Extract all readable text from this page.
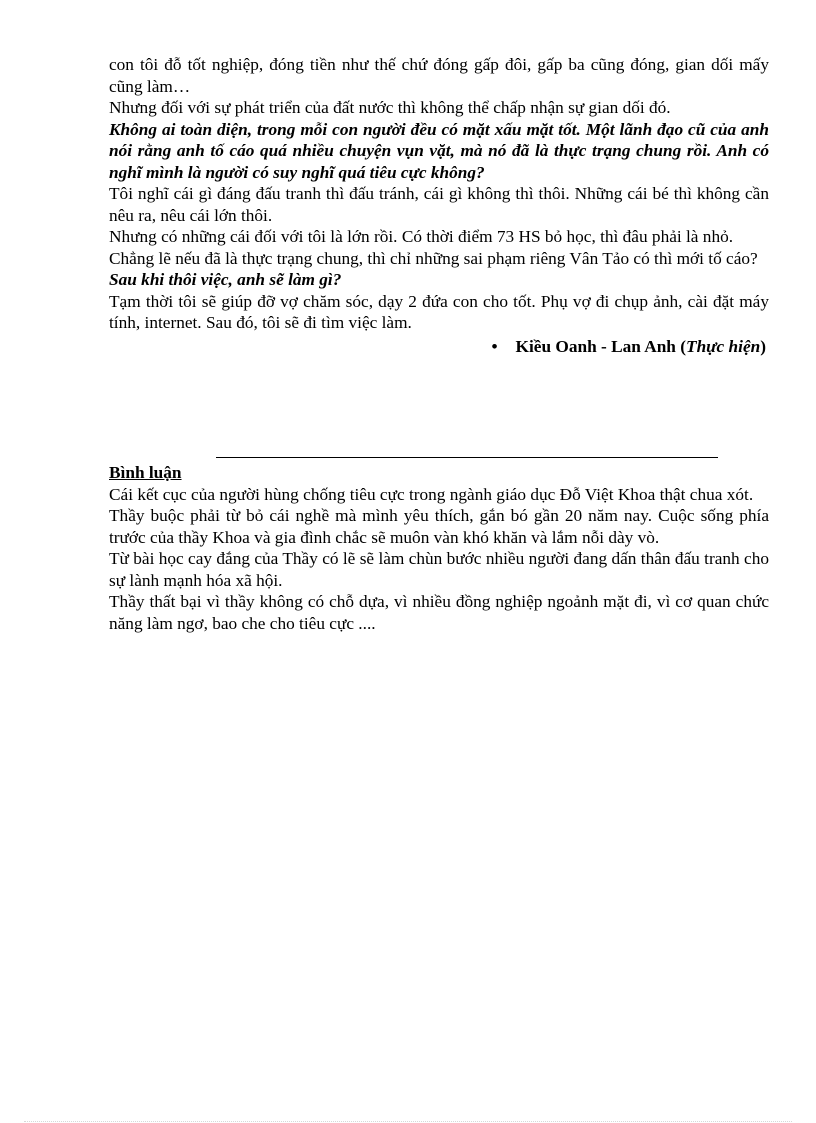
con tôi đỗ tốt nghiệp, đóng tiền như thế chứ đóng gấp đôi, gấp ba cũng đóng, gian dối mấy cũng làm…

Nhưng đối với sự phát triển của đất nước thì không thể chấp nhận sự gian dối đó.

Không ai toàn diện, trong mỗi con người đều có mặt xấu mặt tốt. Một lãnh đạo cũ của anh nói rằng anh tố cáo quá nhiều chuyện vụn vặt, mà nó đã là thực trạng chung rồi. Anh có nghĩ mình là người có suy nghĩ quá tiêu cực không?

Tôi nghĩ cái gì đáng đấu tranh thì đấu tránh, cái gì không thì thôi. Những cái bé thì không cần nêu ra, nêu cái lớn thôi.

Nhưng có những cái đối với tôi là lớn rồi. Có thời điểm 73 HS bỏ học, thì đâu phải là nhỏ.

Chẳng lẽ nếu đã là thực trạng chung, thì chỉ những sai phạm riêng Vân Tảo có thì mới tố cáo?

Sau khi thôi việc, anh sẽ làm gì?

Tạm thời tôi sẽ giúp đỡ vợ chăm sóc, dạy 2 đứa con cho tốt. Phụ vợ đi chụp ảnh, cài đặt máy tính, internet. Sau đó, tôi sẽ đi tìm việc làm.

• Kiều Oanh - Lan Anh (Thực hiện)

Bình luận

Cái kết cục của người hùng chống tiêu cực trong ngành giáo dục Đỗ Việt Khoa thật chua xót.

Thầy buộc phải từ bỏ cái nghề mà mình yêu thích, gắn bó gần 20 năm nay. Cuộc sống phía trước của thầy Khoa và gia đình chắc sẽ muôn vàn khó khăn và lắm nỗi dày vò.

Từ bài học cay đắng của Thầy có lẽ sẽ làm chùn bước nhiều người đang dấn thân đấu tranh cho sự lành mạnh hóa xã hội.

Thầy thất bại vì thầy không có chỗ dựa, vì nhiều đồng nghiệp ngoảnh mặt đi, vì cơ quan chức năng làm ngơ, bao che cho tiêu cực ....
